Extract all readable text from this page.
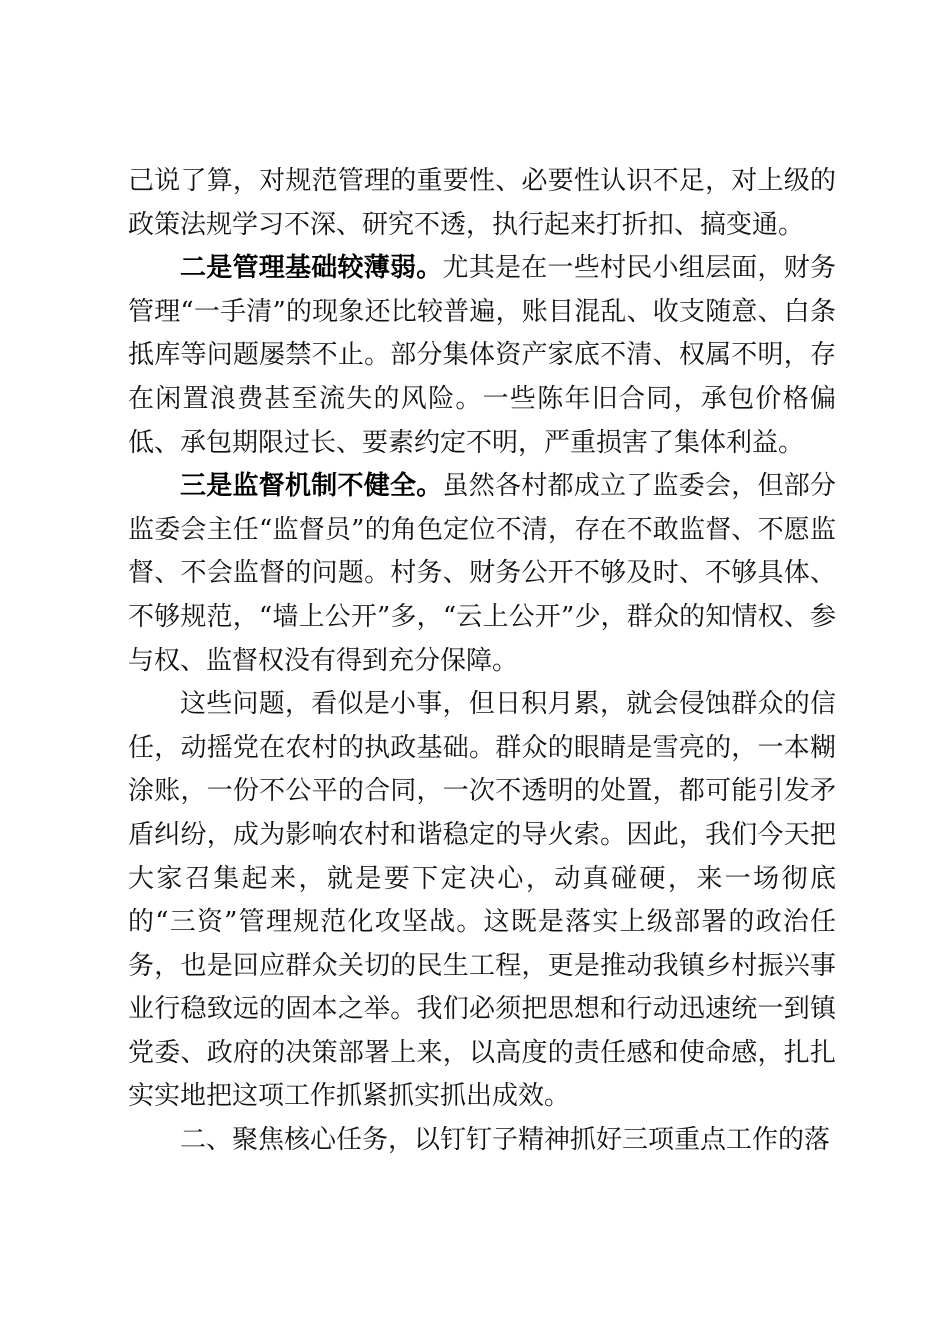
己说了算，对规范管理的重要性、必要性认识不足，对上级的政策法规学习不深、研究不透，执行起来打折扣、搞变通。

二是管理基础较薄弱。尤其是在一些村民小组层面，财务管理“一手清”的现象还比较普遍，账目混乱、收支随意、白条抵库等问题屡禁不止。部分集体资产家底不清、权属不明，存在闲置浪费甚至流失的风险。一些陈年旧合同，承包价格偏低、承包期限过长、要素约定不明，严重损害了集体利益。

三是监督机制不健全。虽然各村都成立了监委会，但部分监委会主任“监督员”的角色定位不清，存在不敢监督、不愿监督、不会监督的问题。村务、财务公开不够及时、不够具体、不够规范，“墙上公开”多，“云上公开”少，群众的知情权、参与权、监督权没有得到充分保障。

这些问题，看似是小事，但日积月累，就会侵蚀群众的信任，动摇党在农村的执政基础。群众的眼睛是雪亮的，一本糊涂账，一份不公平的合同，一次不透明的处置，都可能引发矛盾纠纷，成为影响农村和谐稳定的导火索。因此，我们今天把大家召集起来，就是要下定决心，动真碰硬，来一场彻底的“三资”管理规范化攻坚战。这既是落实上级部署的政治任务，也是回应群众关切的民生工程，更是推动我镇乡村振兴事业行稳致远的固本之举。我们必须把思想和行动迅速统一到镇党委、政府的决策部署上来，以高度的责任感和使命感，扎扎实实地把这项工作抓紧抓实抓出成效。

二、聚焦核心任务，以钉钉子精神抓好三项重点工作的落
